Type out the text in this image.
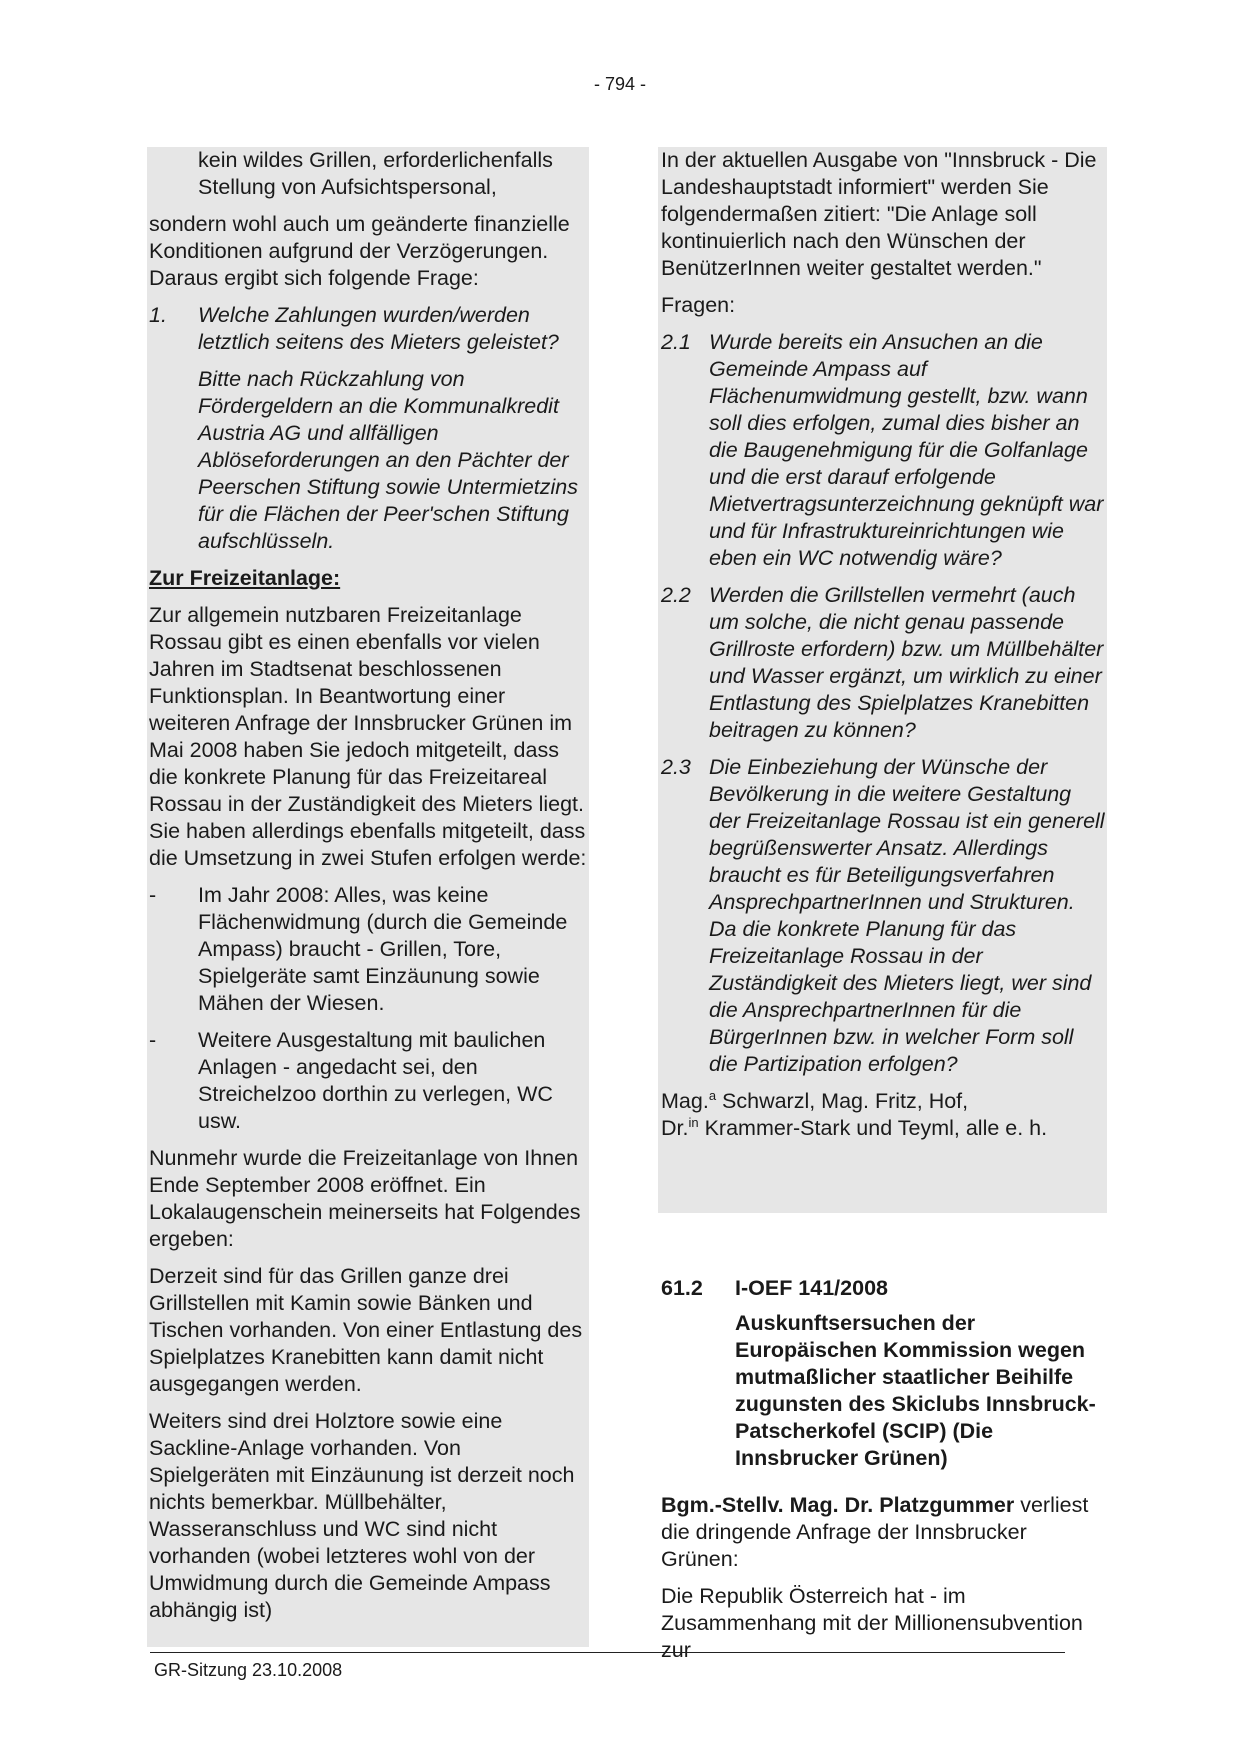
- 794 -

kein wildes Grillen, erforderlichenfalls Stellung von Aufsichtspersonal,

sondern wohl auch um geänderte finanzielle Konditionen aufgrund der Verzögerungen. Daraus ergibt sich folgende Frage:

1.	Welche Zahlungen wurden/werden letztlich seitens des Mieters geleistet?

Bitte nach Rückzahlung von Fördergeldern an die Kommunalkredit Austria AG und allfälligen Ablöseforderungen an den Pächter der Peerschen Stiftung sowie Untermietzins für die Flächen der Peer'schen Stiftung aufschlüsseln.

Zur Freizeitanlage:

Zur allgemein nutzbaren Freizeitanlage Rossau gibt es einen ebenfalls vor vielen Jahren im Stadtsenat beschlossenen Funktionsplan. In Beantwortung einer weiteren Anfrage der Innsbrucker Grünen im Mai 2008 haben Sie jedoch mitgeteilt, dass die konkrete Planung für das Freizeitareal Rossau in der Zuständigkeit des Mieters liegt. Sie haben allerdings ebenfalls mitgeteilt, dass die Umsetzung in zwei Stufen erfolgen werde:

-	Im Jahr 2008: Alles, was keine Flächenwidmung (durch die Gemeinde Ampass) braucht - Grillen, Tore, Spielgeräte samt Einzäunung sowie Mähen der Wiesen.
-	Weitere Ausgestaltung mit baulichen Anlagen - angedacht sei, den Streichelzoo dorthin zu verlegen, WC usw.

Nunmehr wurde die Freizeitanlage von Ihnen Ende September 2008 eröffnet. Ein Lokalaugenschein meinerseits hat Folgendes ergeben:

Derzeit sind für das Grillen ganze drei Grillstellen mit Kamin sowie Bänken und Tischen vorhanden. Von einer Entlastung des Spielplatzes Kranebitten kann damit nicht ausgegangen werden.

Weiters sind drei Holztore sowie eine Sackline-Anlage vorhanden. Von Spielgeräten mit Einzäunung ist derzeit noch nichts bemerkbar. Müllbehälter, Wasseranschluss und WC sind nicht vorhanden (wobei letzteres wohl von der Umwidmung durch die Gemeinde Ampass abhängig ist)

In der aktuellen Ausgabe von "Innsbruck - Die Landeshauptstadt informiert" werden Sie folgendermaßen zitiert: "Die Anlage soll kontinuierlich nach den Wünschen der BenützerInnen weiter gestaltet werden."

Fragen:

2.1 Wurde bereits ein Ansuchen an die Gemeinde Ampass auf Flächenumwidmung gestellt, bzw. wann soll dies erfolgen, zumal dies bisher an die Baugenehmigung für die Golfanlage und die erst darauf erfolgende Mietvertragsunterzeichnung geknüpft war und für Infrastruktureinrichtungen wie eben ein WC notwendig wäre?
2.2 Werden die Grillstellen vermehrt (auch um solche, die nicht genau passende Grillroste erfordern) bzw. um Müllbehälter und Wasser ergänzt, um wirklich zu einer Entlastung des Spielplatzes Kranebitten beitragen zu können?
2.3 Die Einbeziehung der Wünsche der Bevölkerung in die weitere Gestaltung der Freizeitanlage Rossau ist ein generell begrüßenswerter Ansatz. Allerdings braucht es für Beteiligungsverfahren AnsprechpartnerInnen und Strukturen.
Da die konkrete Planung für das Freizeitanlage Rossau in der Zuständigkeit des Mieters liegt, wer sind die AnsprechpartnerInnen für die BürgerInnen bzw. in welcher Form soll die Partizipation erfolgen?
Mag.$^a$ Schwarzl, Mag. Fritz, Hof,
Dr.$^{in}$ Krammer-Stark und Teyml, alle e. h.
61.2	I-OEF 141/2008
Auskunftsersuchen der Europäischen Kommission wegen mutmaßlicher staatlicher Beihilfe zugunsten des Skiclubs Innsbruck-Patscherkofel (SCIP) (Die Innsbrucker Grünen)

Bgm.-Stellv. Mag. Dr. Platzgummer verliest die dringende Anfrage der Innsbrucker Grünen:

Die Republik Österreich hat - im Zusammenhang mit der Millionensubvention zur

GR-Sitzung 23.10.2008
